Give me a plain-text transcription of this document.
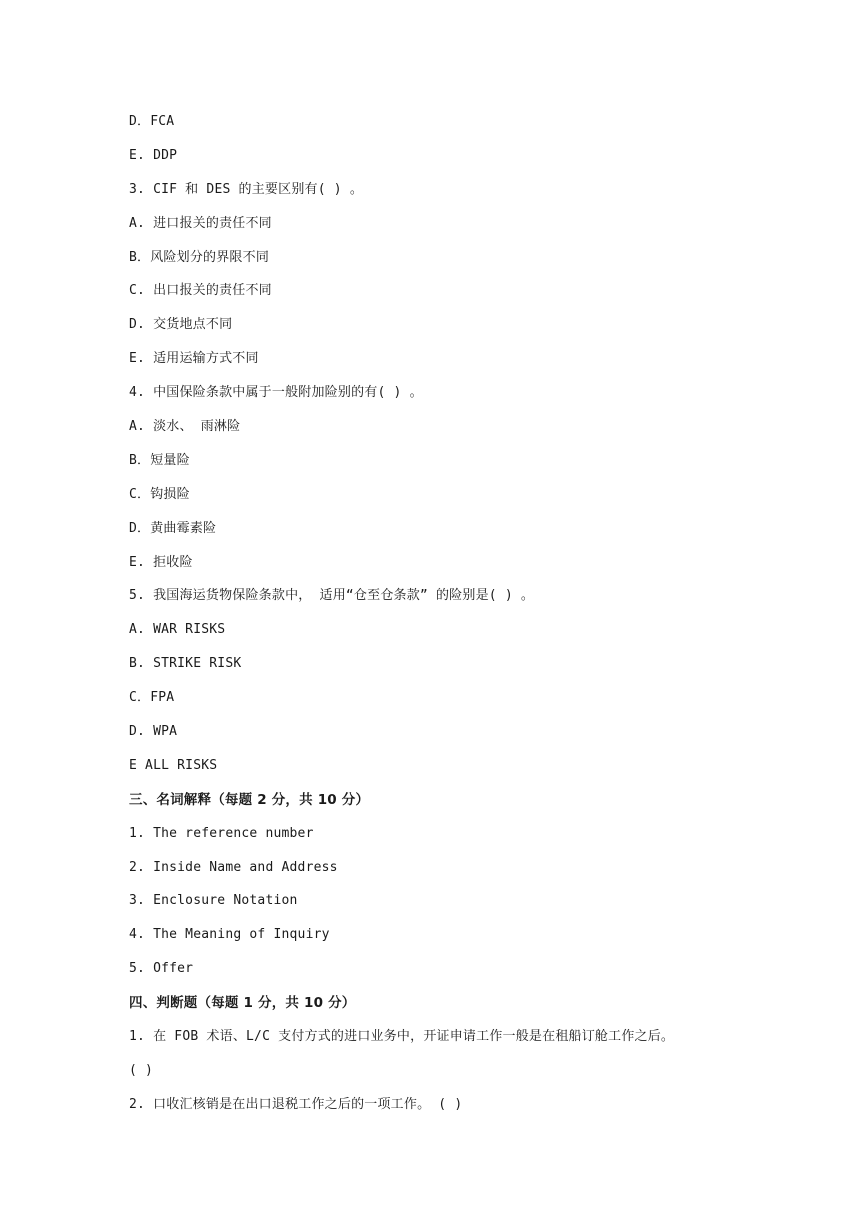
D．FCA
E. DDP
3. CIF 和 DES 的主要区别有( ) 。
A. 进口报关的责任不同
B．风险划分的界限不同
C. 出口报关的责任不同
D. 交货地点不同
E. 适用运输方式不同
4. 中国保险条款中属于一般附加险别的有( ) 。
A. 淡水、 雨淋险
B．短量险
C．钩损险
D．黄曲霉素险
E. 拒收险
5. 我国海运货物保险条款中， 适用“仓至仓条款” 的险别是( ) 。
A. WAR RISKS
B. STRIKE RISK
C．FPA
D. WPA
E ALL RISKS
三、名词解释（每题 2 分，共 10 分）
1. The reference number
2. Inside Name and Address
3. Enclosure Notation
4. The Meaning of Inquiry
5. Offer
四、判断题（每题 1 分，共 10 分）
1. 在 FOB 术语、L/C 支付方式的进口业务中，开证申请工作一般是在租船订舱工作之后。
( )
2. 口收汇核销是在出口退税工作之后的一项工作。 ( )
